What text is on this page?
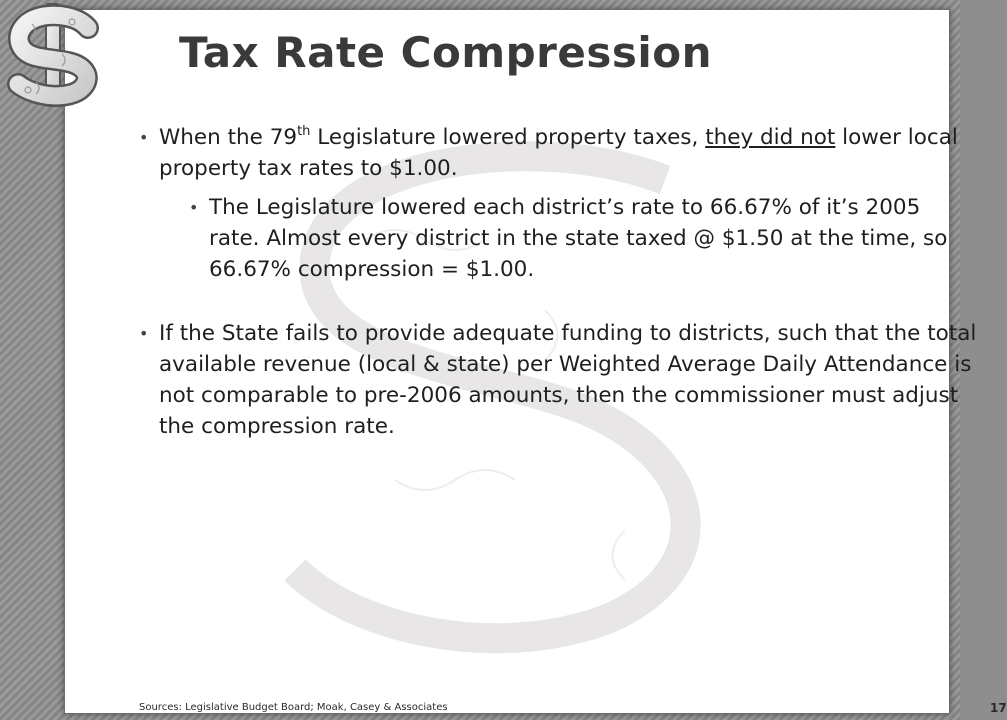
Tax Rate Compression

• When the 79th Legislature lowered property taxes, they did not lower local property tax rates to $1.00.

• The Legislature lowered each district’s rate to 66.67% of it’s 2005 rate. Almost every district in the state taxed @ $1.50 at the time, so 66.67% compression = $1.00.

• If the State fails to provide adequate funding to districts, such that the total available revenue (local & state) per Weighted Average Daily Attendance is not comparable to pre-2006 amounts, then the commissioner must adjust the compression rate.

Sources: Legislative Budget Board; Moak, Casey & Associates	17
